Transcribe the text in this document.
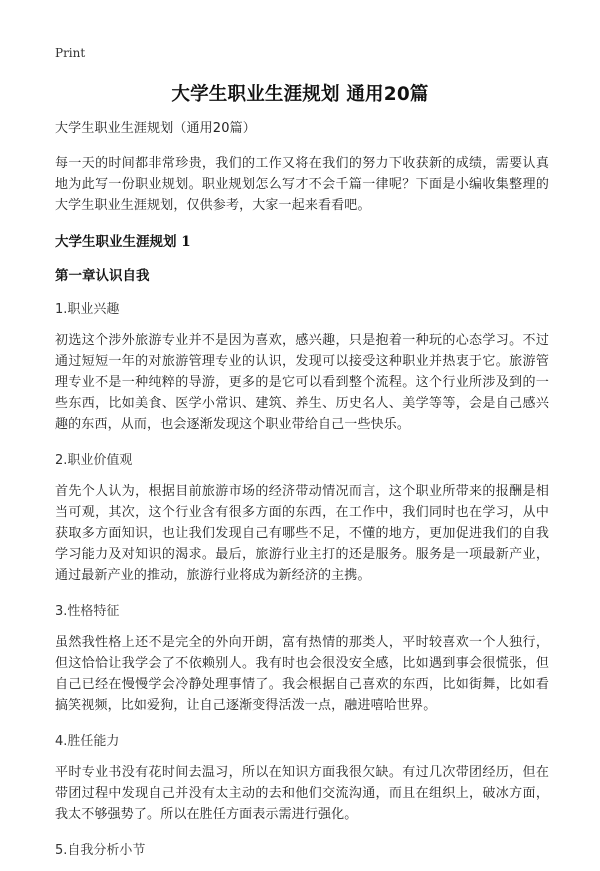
Print
大学生职业生涯规划 通用20篇

大学生职业生涯规划（通用20篇）

每一天的时间都非常珍贵，我们的工作又将在我们的努力下收获新的成绩，需要认真地为此写一份职业规划。职业规划怎么写才不会千篇一律呢？下面是小编收集整理的大学生职业生涯规划，仅供参考，大家一起来看看吧。

大学生职业生涯规划 1

第一章认识自我

1.职业兴趣

初选这个涉外旅游专业并不是因为喜欢，感兴趣，只是抱着一种玩的心态学习。不过通过短短一年的对旅游管理专业的认识，发现可以接受这种职业并热衷于它。旅游管理专业不是一种纯粹的导游，更多的是它可以看到整个流程。这个行业所涉及到的一些东西，比如美食、医学小常识、建筑、养生、历史名人、美学等等，会是自己感兴趣的东西，从而，也会逐渐发现这个职业带给自己一些快乐。

2.职业价值观

首先个人认为，根据目前旅游市场的经济带动情况而言，这个职业所带来的报酬是相当可观，其次，这个行业含有很多方面的东西，在工作中，我们同时也在学习，从中获取多方面知识，也让我们发现自己有哪些不足，不懂的地方，更加促进我们的自我学习能力及对知识的渴求。最后，旅游行业主打的还是服务。服务是一项最新产业，通过最新产业的推动，旅游行业将成为新经济的主携。

3.性格特征

虽然我性格上还不是完全的外向开朗，富有热情的那类人，平时较喜欢一个人独行，但这恰恰让我学会了不依赖别人。我有时也会很没安全感，比如遇到事会很慌张，但自己已经在慢慢学会冷静处理事情了。我会根据自己喜欢的东西，比如街舞，比如看搞笑视频，比如爱狗，让自己逐渐变得活泼一点，融进嘻哈世界。

4.胜任能力

平时专业书没有花时间去温习，所以在知识方面我很欠缺。有过几次带团经历，但在带团过程中发现自己并没有太主动的去和他们交流沟通，而且在组织上，破冰方面，我太不够强势了。所以在胜任方面表示需进行强化。

5.自我分析小节
